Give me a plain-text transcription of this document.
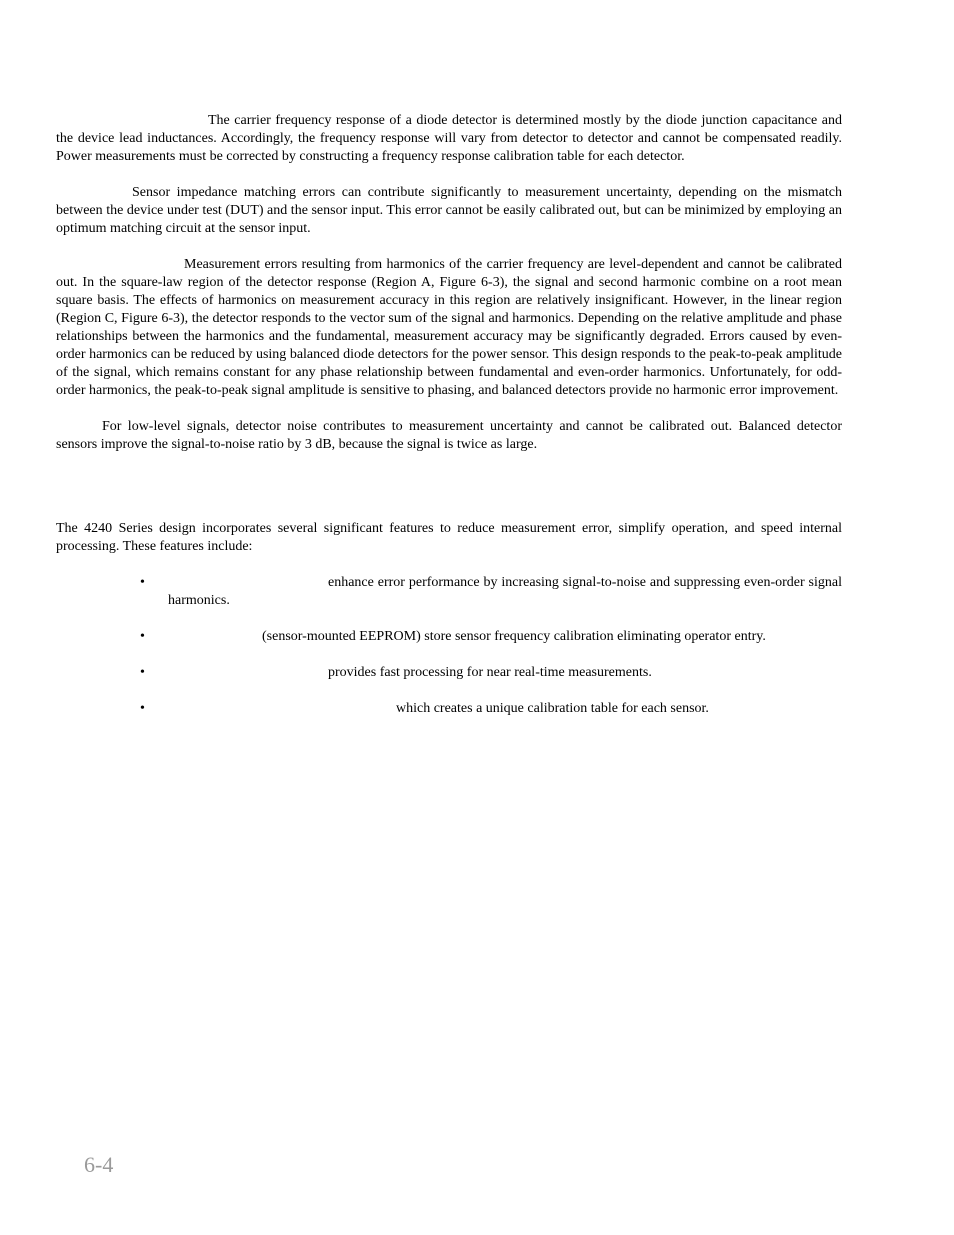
The carrier frequency response of a diode detector is determined mostly by the diode junction capacitance and the device lead inductances. Accordingly, the frequency response will vary from detector to detector and cannot be compensated readily. Power measurements must be corrected by constructing a frequency response calibration table for each detector.

Sensor impedance matching errors can contribute significantly to measurement uncertainty, depending on the mismatch between the device under test (DUT) and the sensor input. This error cannot be easily calibrated out, but can be minimized by employing an optimum matching circuit at the sensor input.

Measurement errors resulting from harmonics of the carrier frequency are level-dependent and cannot be calibrated out. In the square-law region of the detector response (Region A, Figure 6-3), the signal and second harmonic combine on a root mean square basis. The effects of harmonics on measurement accuracy in this region are relatively insignificant. However, in the linear region (Region C, Figure 6-3), the detector responds to the vector sum of the signal and harmonics. Depending on the relative amplitude and phase relationships between the harmonics and the fundamental, measurement accuracy may be significantly degraded. Errors caused by even-order harmonics can be reduced by using balanced diode detectors for the power sensor. This design responds to the peak-to-peak amplitude of the signal, which remains constant for any phase relationship between fundamental and even-order harmonics. Unfortunately, for odd-order harmonics, the peak-to-peak signal amplitude is sensitive to phasing, and balanced detectors provide no harmonic error improvement.

For low-level signals, detector noise contributes to measurement uncertainty and cannot be calibrated out. Balanced detector sensors improve the signal-to-noise ratio by 3 dB, because the signal is twice as large.

The 4240 Series design incorporates several significant features to reduce measurement error, simplify operation, and speed internal processing. These features include:

•	enhance error performance by increasing signal-to-noise and suppressing even-order signal harmonics.
•	(sensor-mounted EEPROM) store sensor frequency calibration eliminating operator entry.
•	provides fast processing for near real-time measurements.
•	which creates a unique calibration table for each sensor.
6-4
